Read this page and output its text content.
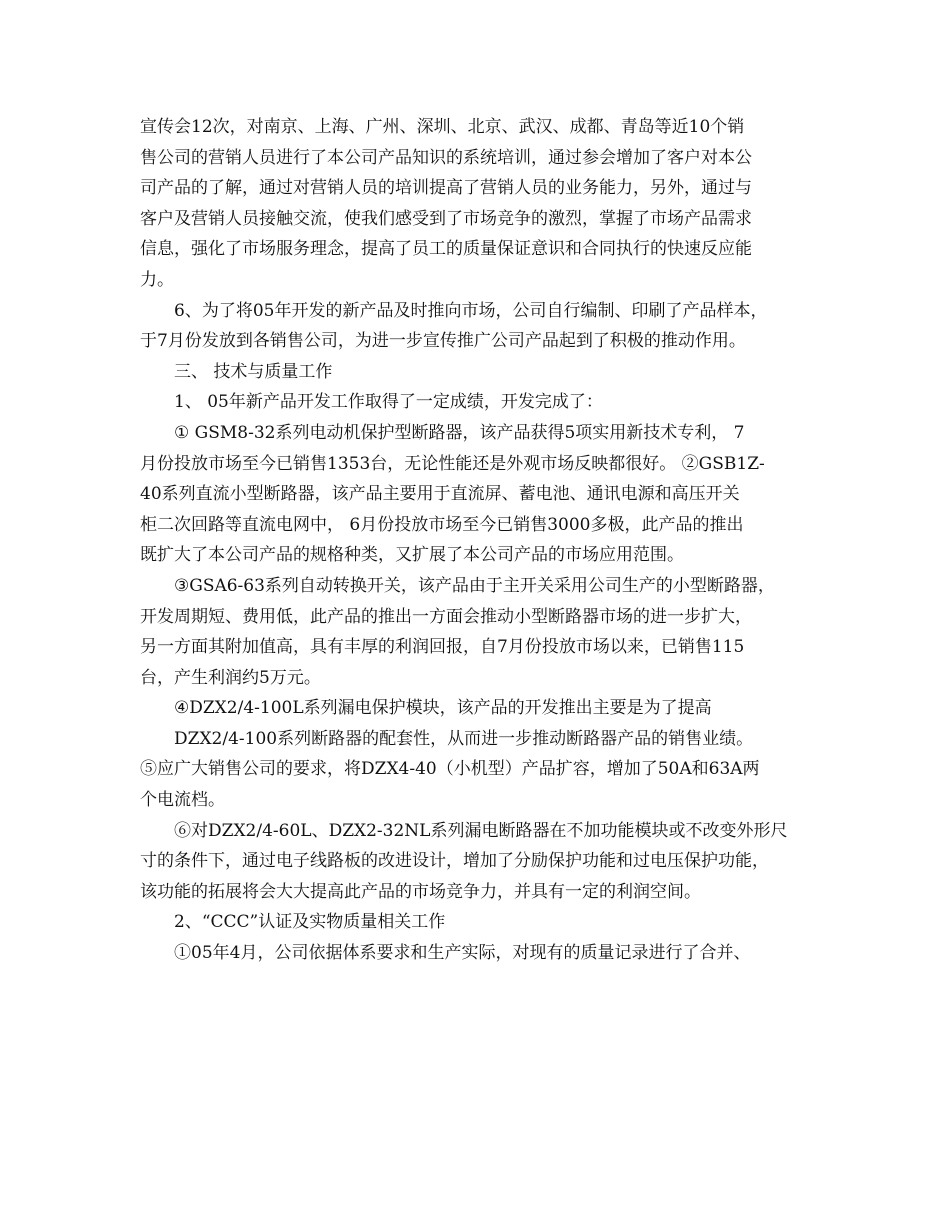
宣传会12次，对南京、上海、广州、深圳、北京、武汉、成都、青岛等近10个销

售公司的营销人员进行了本公司产品知识的系统培训，通过参会增加了客户对本公

司产品的了解，通过对营销人员的培训提高了营销人员的业务能力，另外，通过与

客户及营销人员接触交流，使我们感受到了市场竞争的激烈，掌握了市场产品需求

信息，强化了市场服务理念，提高了员工的质量保证意识和合同执行的快速反应能

力。

6、为了将05年开发的新产品及时推向市场，公司自行编制、印刷了产品样本，

于7月份发放到各销售公司，为进一步宣传推广公司产品起到了积极的推动作用。

三、 技术与质量工作

1、 05年新产品开发工作取得了一定成绩，开发完成了：

① GSM8-32系列电动机保护型断路器，该产品获得5项实用新技术专利， 7

月份投放市场至今已销售1353台，无论性能还是外观市场反映都很好。 ②GSB1Z-

40系列直流小型断路器，该产品主要用于直流屏、蓄电池、通讯电源和高压开关

柜二次回路等直流电网中， 6月份投放市场至今已销售3000多极，此产品的推出

既扩大了本公司产品的规格种类，又扩展了本公司产品的市场应用范围。

③GSA6-63系列自动转换开关，该产品由于主开关采用公司生产的小型断路器，

开发周期短、费用低，此产品的推出一方面会推动小型断路器市场的进一步扩大，

另一方面其附加值高，具有丰厚的利润回报，自7月份投放市场以来，已销售115

台，产生利润约5万元。

④DZX2/4-100L系列漏电保护模块，该产品的开发推出主要是为了提高

DZX2/4-100系列断路器的配套性，从而进一步推动断路器产品的销售业绩。

⑤应广大销售公司的要求，将DZX4-40（小机型）产品扩容，增加了50A和63A两

个电流档。

⑥对DZX2/4-60L、DZX2-32NL系列漏电断路器在不加功能模块或不改变外形尺

寸的条件下，通过电子线路板的改进设计，增加了分励保护功能和过电压保护功能，

该功能的拓展将会大大提高此产品的市场竞争力，并具有一定的利润空间。

2、“CCC”认证及实物质量相关工作

①05年4月，公司依据体系要求和生产实际，对现有的质量记录进行了合并、
